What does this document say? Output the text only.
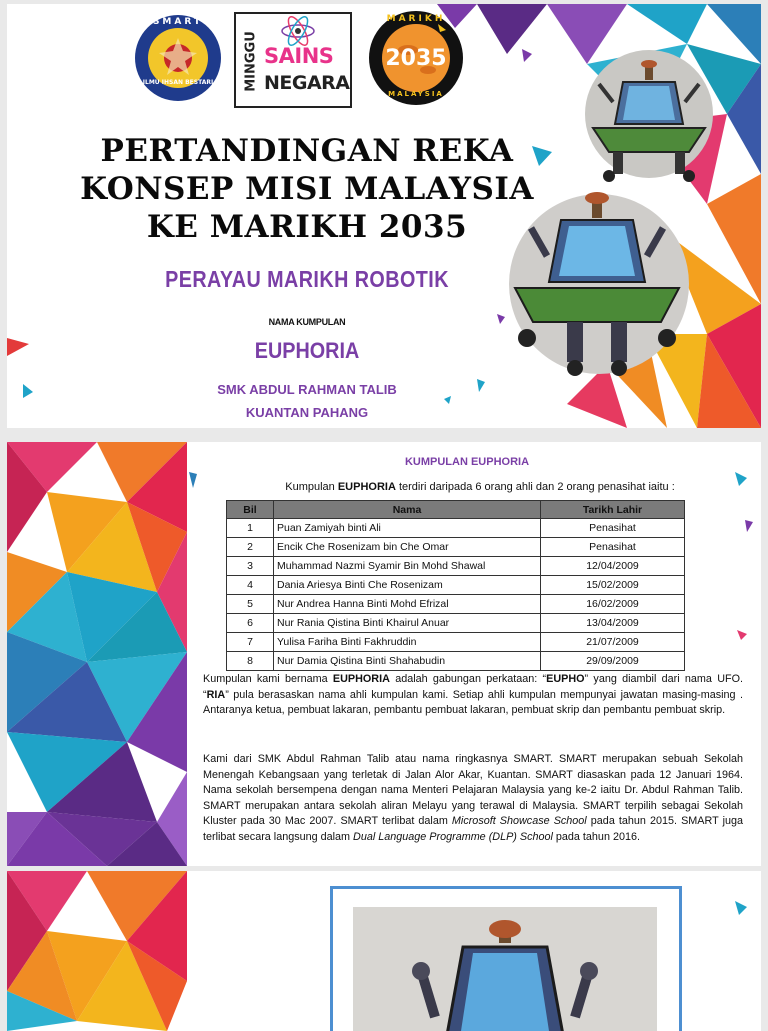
SMART
ILMU IHSAN BESTARI	MINGGU SAINS
NEGARA
MARIKH
2035
MALAYSIA
PERTANDINGAN REKA
KONSEP MISI MALAYSIA
KE MARIKH 2035
PERAYAU MARIKH ROBOTIK
NAMA KUMPULAN
EUPHORIA
SMK ABDUL RAHMAN TALIB
KUANTAN PAHANG
KUMPULAN EUPHORIA
Kumpulan EUPHORIA terdiri daripada 6 orang ahli dan 2 orang penasihat iaitu :
Bil	Nama	Tarikh Lahir
1	Puan Zamiyah binti Ali	Penasihat
2	Encik Che Rosenizam bin Che Omar	Penasihat
3	Muhammad Nazmi Syamir Bin Mohd Shawal	12/04/2009
4	Dania Ariesya Binti Che Rosenizam	15/02/2009
5	Nur Andrea Hanna Binti Mohd Efrizal	16/02/2009
6	Nur Rania Qistina Binti Khairul Anuar	13/04/2009
7	Yulisa Fariha Binti Fakhruddin	21/07/2009
8	Nur Damia Qistina Binti Shahabudin	29/09/2009
Kumpulan kami bernama EUPHORIA adalah gabungan perkataan: “EUPHO” yang diambil dari nama UFO. “RIA” pula berasaskan nama ahli kumpulan kami. Setiap ahli kumpulan mempunyai jawatan masing-masing . Antaranya ketua, pembuat lakaran, pembantu pembuat lakaran, pembuat skrip dan pembantu pembuat skrip.
Kami dari SMK Abdul Rahman Talib atau nama ringkasnya SMART. SMART merupakan sebuah Sekolah Menengah Kebangsaan yang terletak di Jalan Alor Akar, Kuantan. SMART diasaskan pada 12 Januari 1964. Nama sekolah bersempena dengan nama Menteri Pelajaran Malaysia yang ke-2 iaitu Dr. Abdul Rahman Talib. SMART merupakan antara sekolah aliran Melayu yang terawal di Malaysia. SMART terpilih sebagai Sekolah Kluster pada 30 Mac 2007. SMART terlibat dalam Microsoft Showcase School pada tahun 2015. SMART juga terlibat secara langsung dalam Dual Language Programme (DLP) School pada tahun 2016.
